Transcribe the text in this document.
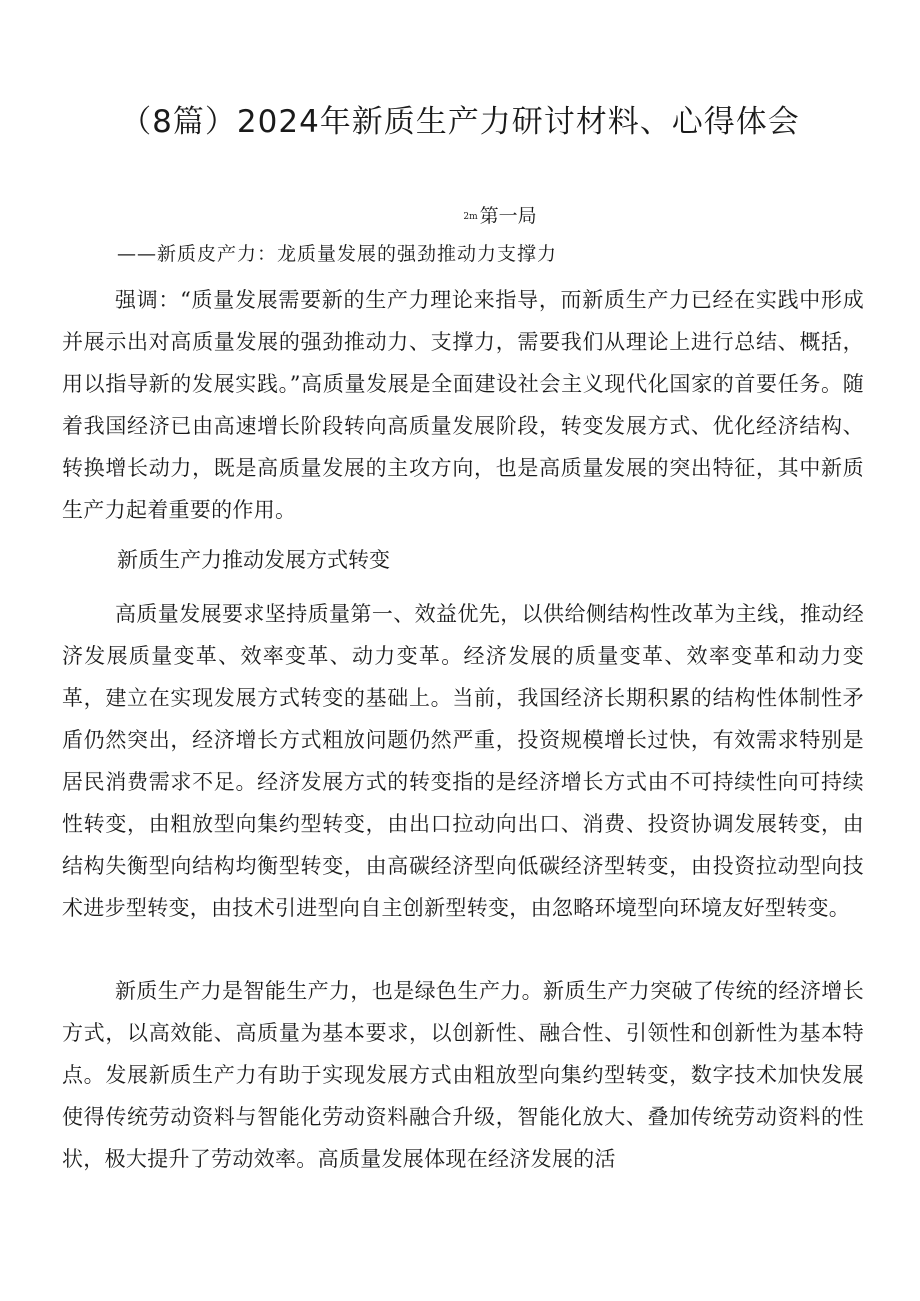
（8篇）2024年新质生产力研讨材料、心得体会
2m 第一局
——新质皮产力：龙质量发展的强劲推动力支撑力

强调：“质量发展需要新的生产力理论来指导，而新质生产力已经在实践中形成并展示出对高质量发展的强劲推动力、支撑力，需要我们从理论上进行总结、概括，用以指导新的发展实践。”高质量发展是全面建设社会主义现代化国家的首要任务。随着我国经济已由高速增长阶段转向高质量发展阶段，转变发展方式、优化经济结构、转换增长动力，既是高质量发展的主攻方向，也是高质量发展的突出特征，其中新质生产力起着重要的作用。

新质生产力推动发展方式转变

高质量发展要求坚持质量第一、效益优先，以供给侧结构性改革为主线，推动经济发展质量变革、效率变革、动力变革。经济发展的质量变革、效率变革和动力变革，建立在实现发展方式转变的基础上。当前，我国经济长期积累的结构性体制性矛盾仍然突出，经济增长方式粗放问题仍然严重，投资规模增长过快，有效需求特别是居民消费需求不足。经济发展方式的转变指的是经济增长方式由不可持续性向可持续性转变，由粗放型向集约型转变，由出口拉动向出口、消费、投资协调发展转变，由结构失衡型向结构均衡型转变，由高碳经济型向低碳经济型转变，由投资拉动型向技术进步型转变，由技术引进型向自主创新型转变，由忽略环境型向环境友好型转变。

新质生产力是智能生产力，也是绿色生产力。新质生产力突破了传统的经济增长方式，以高效能、高质量为基本要求，以创新性、融合性、引领性和创新性为基本特点。发展新质生产力有助于实现发展方式由粗放型向集约型转变，数字技术加快发展使得传统劳动资料与智能化劳动资料融合升级，智能化放大、叠加传统劳动资料的性状，极大提升了劳动效率。高质量发展体现在经济发展的活
